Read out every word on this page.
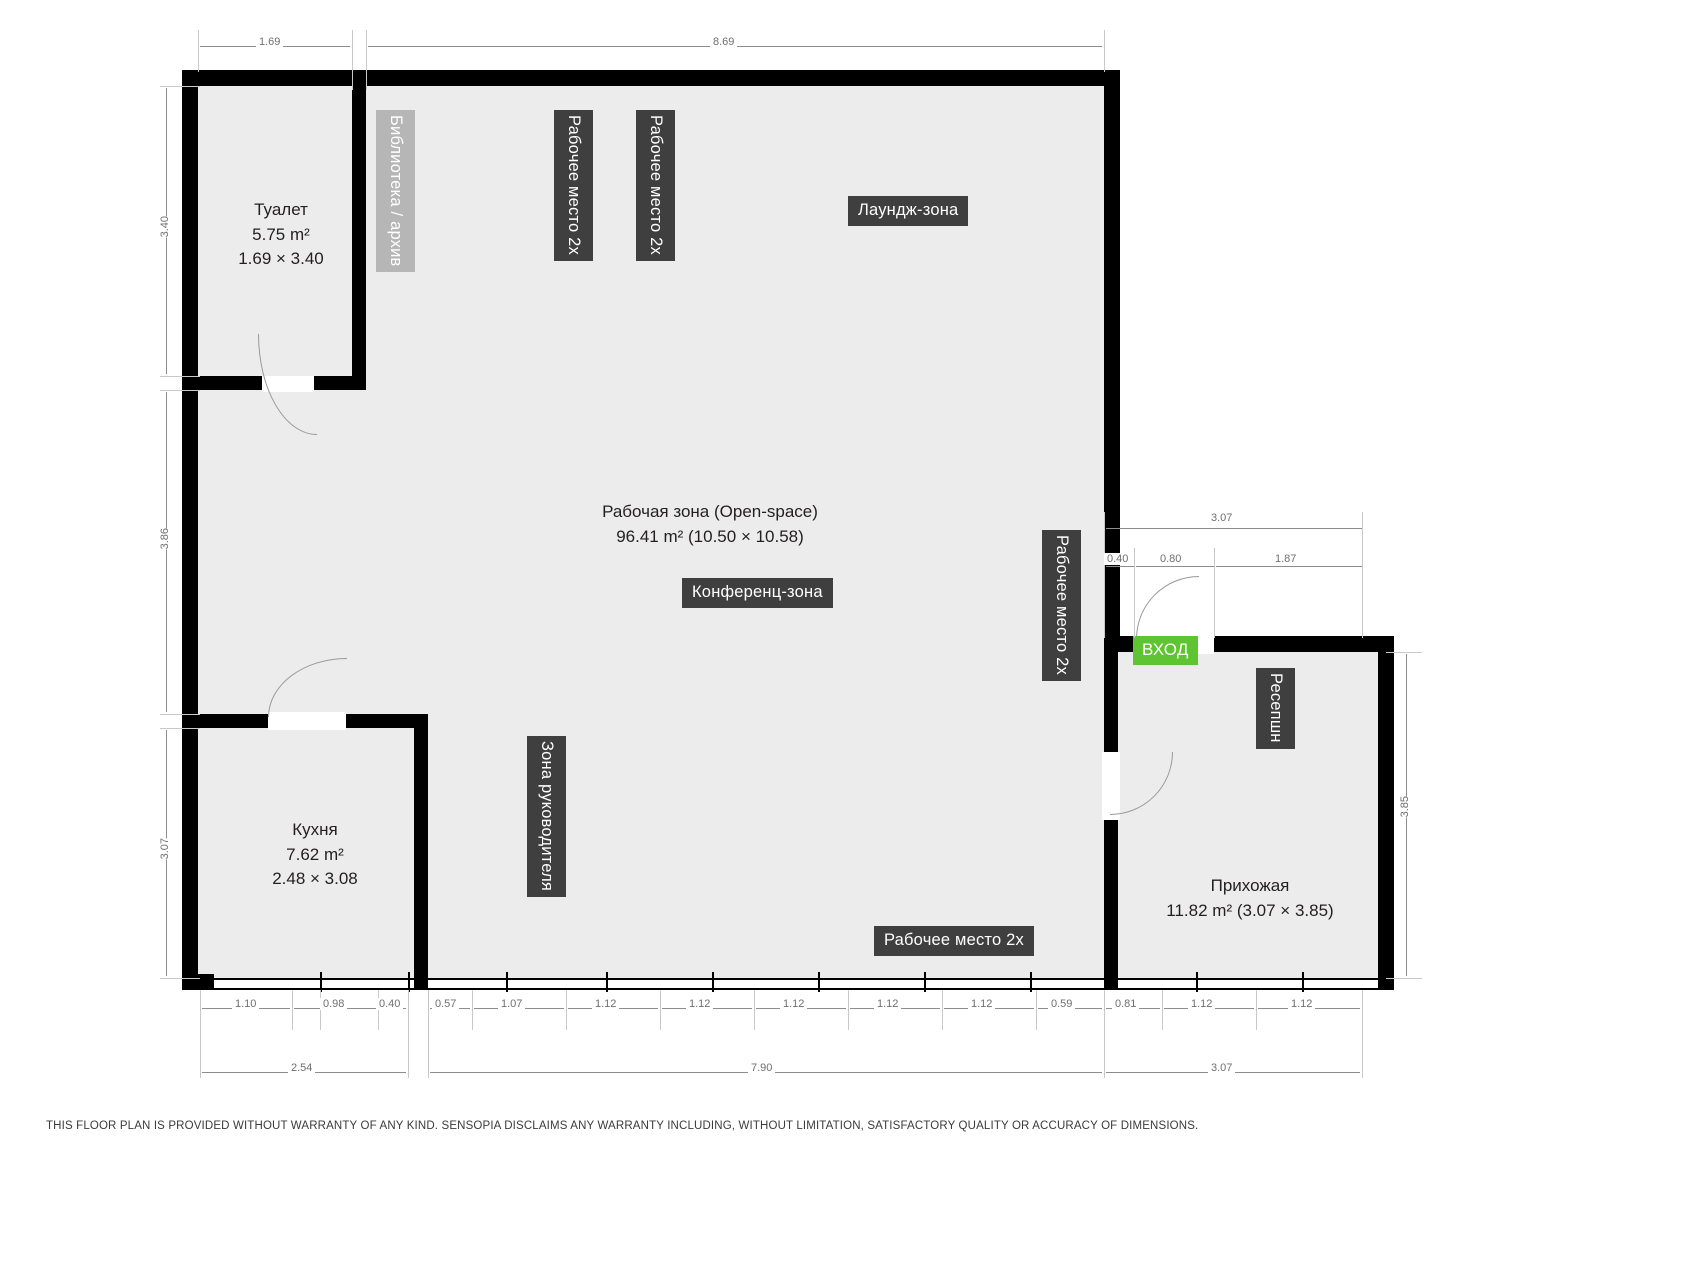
Туалет
5.75 m²
1.69 × 3.40
Рабочая зона (Open-space)
96.41 m² (10.50 × 10.58)
Кухня
7.62 m²
2.48 × 3.08	Прихожая
11.82 m² (3.07 × 3.85)
Библиотека / архив	Рабочее место 2х	Рабочее место 2х	Лаундж-зона
Конференц-зона
Зона руководителя
Рабочее место 2х
Рабочее место 2х
Ресепшн
ВХОД
1.69	8.69
3.40
3.86
3.07
3.85
3.07
0.40	0.80	1.87
1.10	0.98	0.40	0.57	1.07	1.12	1.12	1.12	1.12	1.12	0.59	0.81	1.12	1.12
2.54	7.90	3.07
THIS FLOOR PLAN IS PROVIDED WITHOUT WARRANTY OF ANY KIND. SENSOPIA DISCLAIMS ANY WARRANTY INCLUDING, WITHOUT LIMITATION, SATISFACTORY QUALITY OR ACCURACY OF DIMENSIONS.
